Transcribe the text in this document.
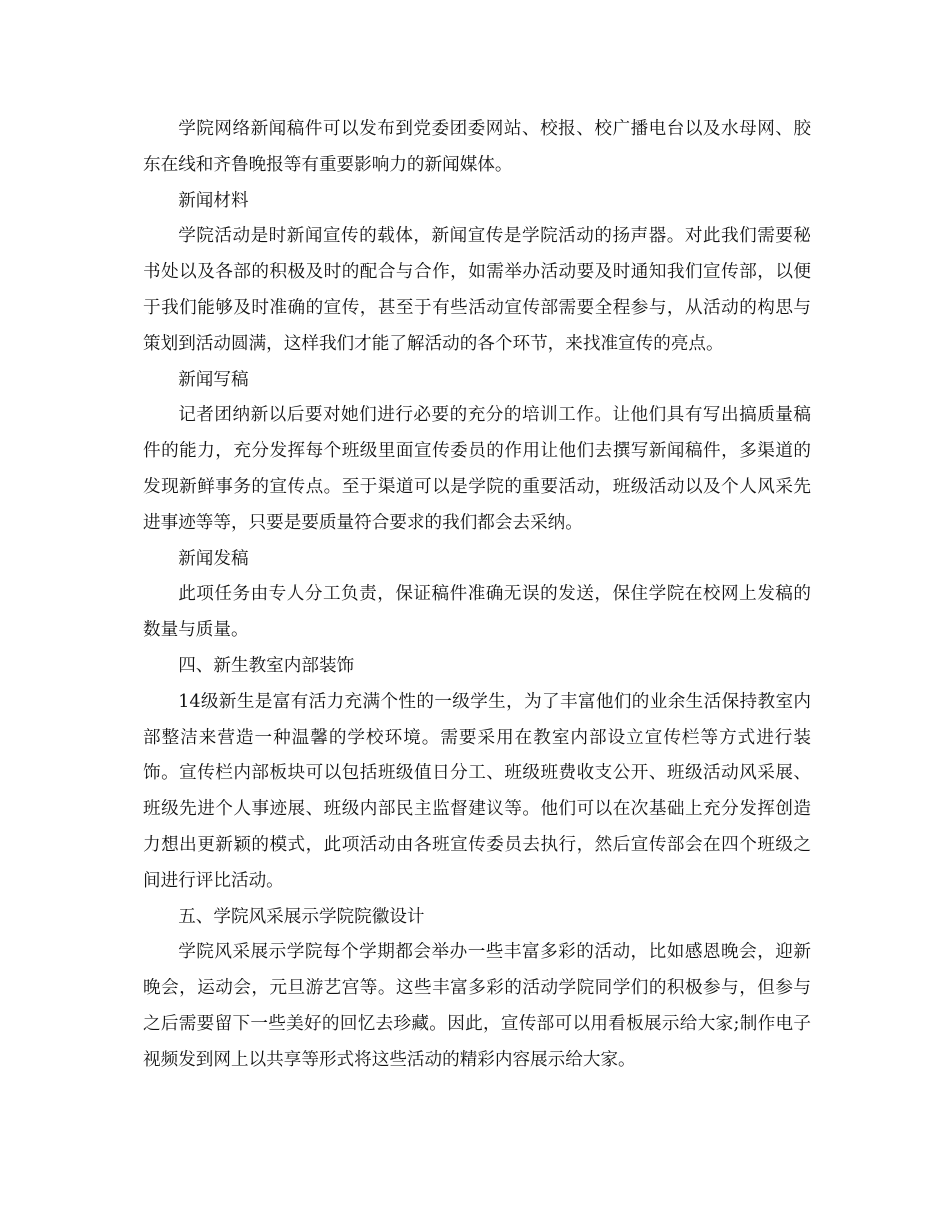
学院网络新闻稿件可以发布到党委团委网站、校报、校广播电台以及水母网、胶东在线和齐鲁晚报等有重要影响力的新闻媒体。

新闻材料

学院活动是时新闻宣传的载体，新闻宣传是学院活动的扬声器。对此我们需要秘书处以及各部的积极及时的配合与合作，如需举办活动要及时通知我们宣传部，以便于我们能够及时准确的宣传，甚至于有些活动宣传部需要全程参与，从活动的构思与策划到活动圆满，这样我们才能了解活动的各个环节，来找准宣传的亮点。

新闻写稿

记者团纳新以后要对她们进行必要的充分的培训工作。让他们具有写出搞质量稿件的能力，充分发挥每个班级里面宣传委员的作用让他们去撰写新闻稿件，多渠道的发现新鲜事务的宣传点。至于渠道可以是学院的重要活动，班级活动以及个人风采先进事迹等等，只要是要质量符合要求的我们都会去采纳。

新闻发稿

此项任务由专人分工负责，保证稿件准确无误的发送，保住学院在校网上发稿的数量与质量。

四、新生教室内部装饰

14级新生是富有活力充满个性的一级学生，为了丰富他们的业余生活保持教室内部整洁来营造一种温馨的学校环境。需要采用在教室内部设立宣传栏等方式进行装饰。宣传栏内部板块可以包括班级值日分工、班级班费收支公开、班级活动风采展、班级先进个人事迹展、班级内部民主监督建议等。他们可以在次基础上充分发挥创造力想出更新颖的模式，此项活动由各班宣传委员去执行，然后宣传部会在四个班级之间进行评比活动。

五、学院风采展示学院院徽设计

学院风采展示学院每个学期都会举办一些丰富多彩的活动，比如感恩晚会，迎新晚会，运动会，元旦游艺宫等。这些丰富多彩的活动学院同学们的积极参与，但参与之后需要留下一些美好的回忆去珍藏。因此，宣传部可以用看板展示给大家;制作电子视频发到网上以共享等形式将这些活动的精彩内容展示给大家。
